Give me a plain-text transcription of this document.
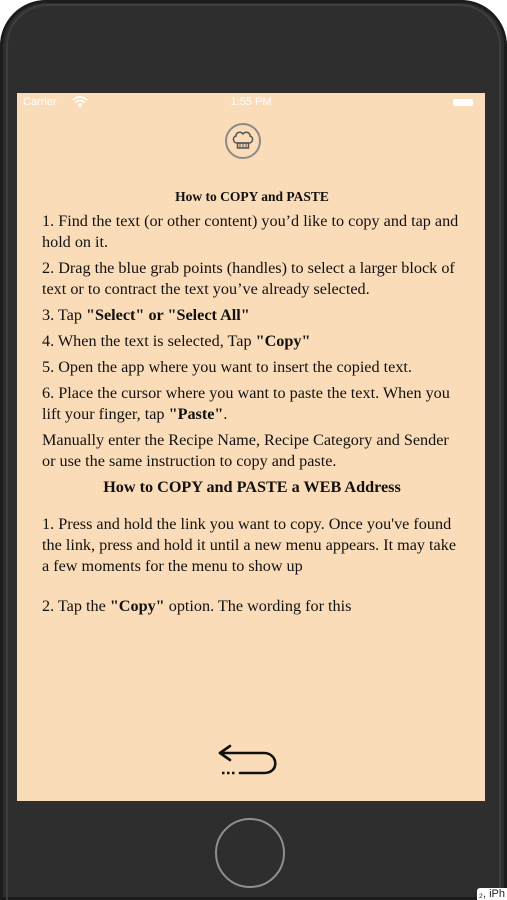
Carrier	1:55 PM
How to COPY and PASTE

1. Find the text (or other content) you’d like to copy and tap and hold on it.

2. Drag the blue grab points (handles) to select a larger block of text or to contract the text you’ve already selected.

3. Tap "Select" or "Select All"

4. When the text is selected, Tap "Copy"

5. Open the app where you want to insert the copied text.

6. Place the cursor where you want to paste the text. When you lift your finger, tap "Paste".

Manually enter the Recipe Name, Recipe Category and Sender or use the same instruction to copy and paste.

How to COPY and PASTE a WEB Address

1. Press and hold the link you want to copy. Once you've found the link, press and hold it until a new menu appears. It may take a few moments for the menu to show up

2. Tap the "Copy" option. The wording for this

₂, iPh
